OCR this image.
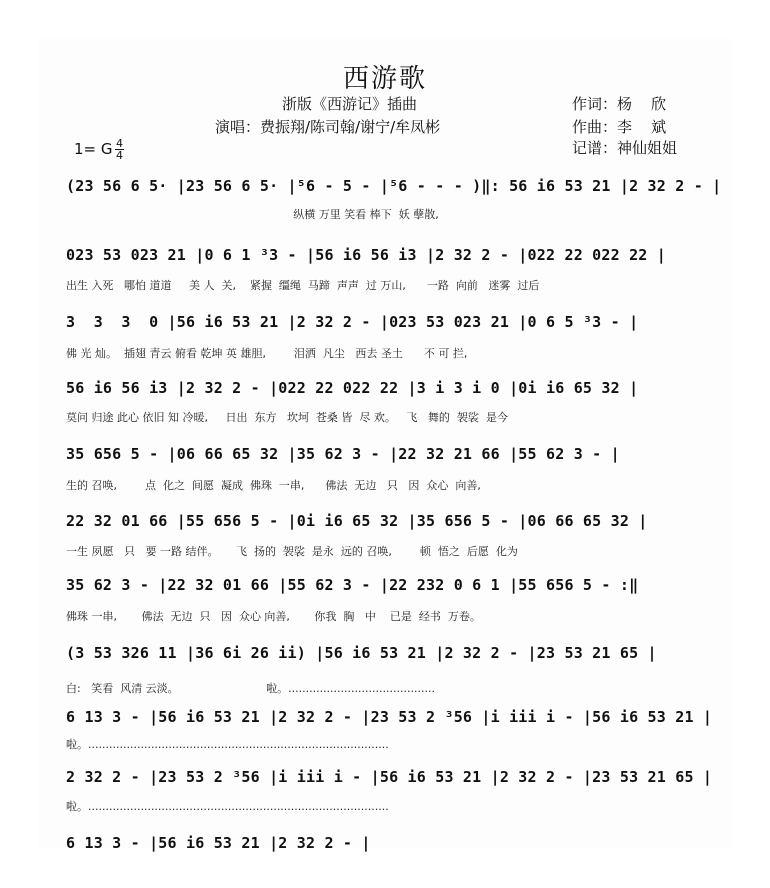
西游歌
浙版《西游记》插曲
演唱：费振翔/陈司翰/谢宁/牟凤彬
作词：杨    欣
作曲：李    斌
记谱：神仙姐姐
1= G 4
4
(23 56 6 5· |23 56 6 5· |⁵6 - 5 - |⁵6 - - - )‖: 56 i6 53 21 |2 32 2 - |
纵横 万里 笑看 棒下  妖 孽散,
023 53 023 21 |0 6 1 ³3 - |56 i6 56 i3 |2 32 2 - |022 22 022 22 |
出生 入死   哪怕 道道     美 人  关,    紧握  缰绳  马蹄  声声  过 万山,      一路  向前   迷雾  过后
3  3  3  0 |56 i6 53 21 |2 32 2 - |023 53 023 21 |0 6 5 ³3 - |
佛 光 灿。  插翅 青云 俯看 乾坤 英 雄胆,        泪洒  凡尘   西去 圣土      不 可 拦,
56 i6 56 i3 |2 32 2 - |022 22 022 22 |3 i 3 i 0 |0i i6 65 32 |
莫问 归途 此心 依旧 知 冷暖,     日出  东方   坎坷  苍桑 皆  尽 欢。   飞   舞的  袈裟  是今
35 656 5 - |06 66 65 32 |35 62 3 - |22 32 21 66 |55 62 3 - |
生的 召唤,        点  化之  间愿  凝成  佛珠  一串,      佛法  无边   只   因  众心  向善,
22 32 01 66 |55 656 5 - |0i i6 65 32 |35 656 5 - |06 66 65 32 |
一生 夙愿   只   要 一路 结伴。     飞  扬的  袈裟  是永  远的 召唤,        顿  悟之  后愿  化为
35 62 3 - |22 32 01 66 |55 62 3 - |22 232 0 6 1 |55 656 5 - :‖
佛珠 一串,       佛法  无边  只   因  众心 向善,       你我  胸   中    已是  经书  万卷。
(3 53 326 11 |36 6i 26 ii) |56 i6 53 21 |2 32 2 - |23 53 21 65 |
白:   笑看  风清 云淡。                         啦。..........................................
6 13 3 - |56 i6 53 21 |2 32 2 - |23 53 2 ³56 |i iii i - |56 i6 53 21 |
啦。......................................................................................
2 32 2 - |23 53 2 ³56 |i iii i - |56 i6 53 21 |2 32 2 - |23 53 21 65 |
啦。......................................................................................
6 13 3 - |56 i6 53 21 |2 32 2 - |
